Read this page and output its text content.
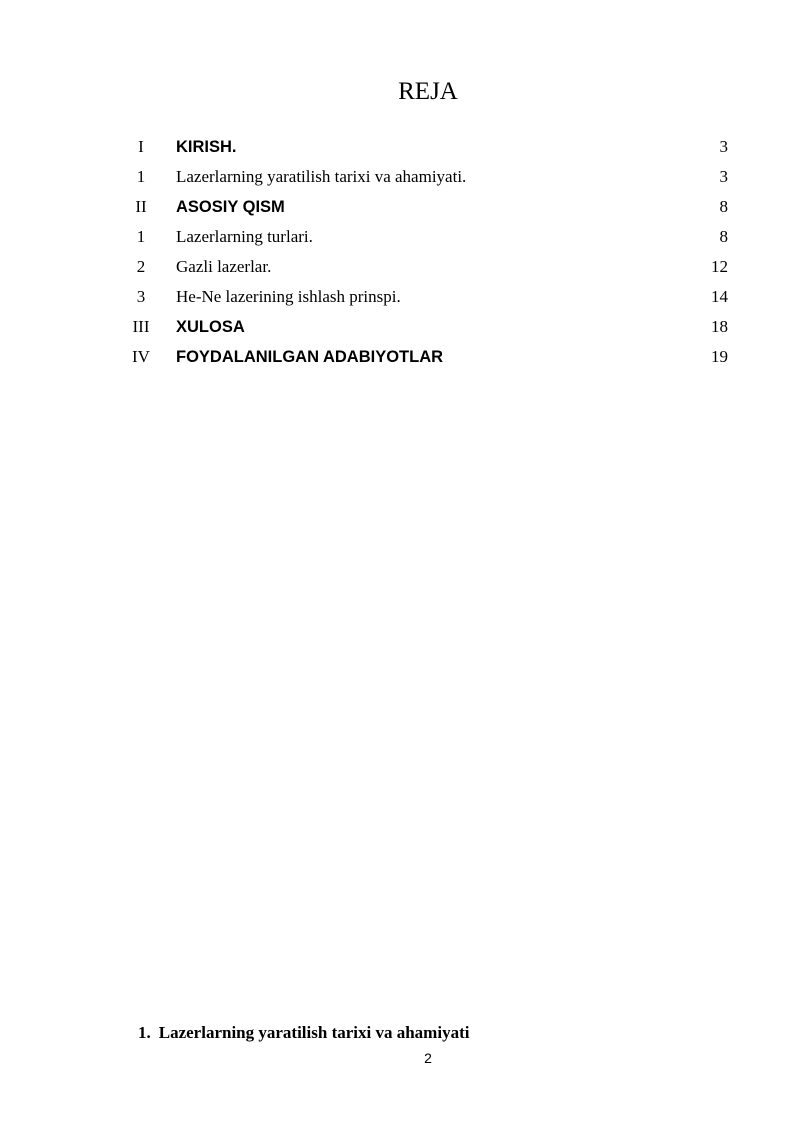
REJA
I	KIRISH.	3
1	Lazerlarning yaratilish tarixi va ahamiyati.	3
II	ASOSIY QISM	8
1	Lazerlarning turlari.	8
2	Gazli lazerlar.	12
3	He-Ne lazerining ishlash prinspi.	14
III	XULOSA	18
IV	FOYDALANILGAN ADABIYOTLAR	19
1. Lazerlarning yaratilish tarixi va ahamiyati
2
